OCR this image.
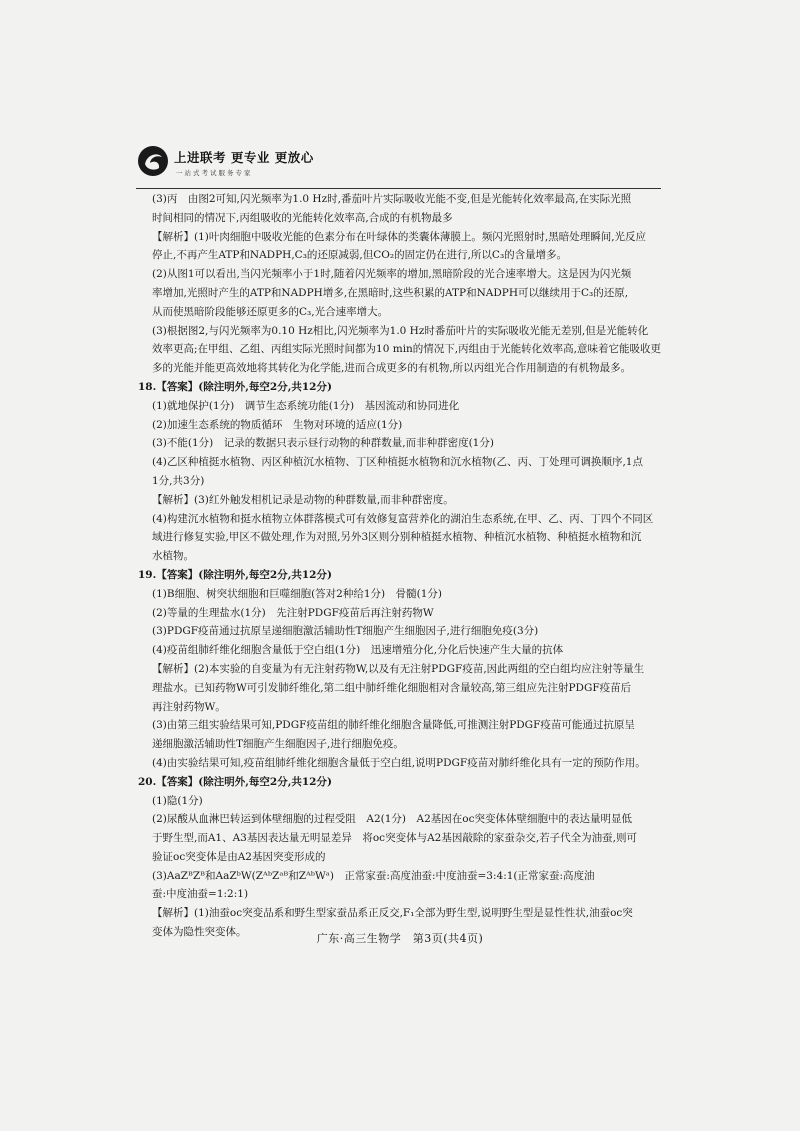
上进联考 更专业 更放心
一站式考试服务专家
(3)丙　由图2可知,闪光频率为1.0 Hz时,番茄叶片实际吸收光能不变,但是光能转化效率最高,在实际光照
时间相同的情况下,丙组吸收的光能转化效率高,合成的有机物最多
【解析】(1)叶肉细胞中吸收光能的色素分布在叶绿体的类囊体薄膜上。频闪光照射时,黑暗处理瞬间,光反应
停止,不再产生ATP和NADPH,C₃的还原减弱,但CO₂的固定仍在进行,所以C₃的含量增多。
(2)从图1可以看出,当闪光频率小于1时,随着闪光频率的增加,黑暗阶段的光合速率增大。这是因为闪光频
率增加,光照时产生的ATP和NADPH增多,在黑暗时,这些积累的ATP和NADPH可以继续用于C₃的还原,
从而使黑暗阶段能够还原更多的C₃,光合速率增大。
(3)根据图2,与闪光频率为0.10 Hz相比,闪光频率为1.0 Hz时番茄叶片的实际吸收光能无差别,但是光能转化
效率更高;在甲组、乙组、丙组实际光照时间都为10 min的情况下,丙组由于光能转化效率高,意味着它能吸收更
多的光能并能更高效地将其转化为化学能,进而合成更多的有机物,所以丙组光合作用制造的有机物最多。
18.【答案】(除注明外,每空2分,共12分)
(1)就地保护(1分)　调节生态系统功能(1分)　基因流动和协同进化
(2)加速生态系统的物质循环　生物对环境的适应(1分)
(3)不能(1分)　记录的数据只表示昼行动物的种群数量,而非种群密度(1分)
(4)乙区种植挺水植物、丙区种植沉水植物、丁区种植挺水植物和沉水植物(乙、丙、丁处理可调换顺序,1点
1分,共3分)
【解析】(3)红外触发相机记录是动物的种群数量,而非种群密度。
(4)构建沉水植物和挺水植物立体群落模式可有效修复富营养化的湖泊生态系统,在甲、乙、丙、丁四个不同区
域进行修复实验,甲区不做处理,作为对照,另外3区则分别种植挺水植物、种植沉水植物、种植挺水植物和沉
水植物。
19.【答案】(除注明外,每空2分,共12分)
(1)B细胞、树突状细胞和巨噬细胞(答对2种给1分)　骨髓(1分)
(2)等量的生理盐水(1分)　先注射PDGF疫苗后再注射药物W
(3)PDGF疫苗通过抗原呈递细胞激活辅助性T细胞产生细胞因子,进行细胞免疫(3分)
(4)疫苗组肺纤维化细胞含量低于空白组(1分)　迅速增殖分化,分化后快速产生大量的抗体
【解析】(2)本实验的自变量为有无注射药物W,以及有无注射PDGF疫苗,因此两组的空白组均应注射等量生
理盐水。已知药物W可引发肺纤维化,第二组中肺纤维化细胞相对含量较高,第三组应先注射PDGF疫苗后
再注射药物W。
(3)由第三组实验结果可知,PDGF疫苗组的肺纤维化细胞含量降低,可推测注射PDGF疫苗可能通过抗原呈
递细胞激活辅助性T细胞产生细胞因子,进行细胞免疫。
(4)由实验结果可知,疫苗组肺纤维化细胞含量低于空白组,说明PDGF疫苗对肺纤维化具有一定的预防作用。
20.【答案】(除注明外,每空2分,共12分)
(1)隐(1分)
(2)尿酸从血淋巴转运到体壁细胞的过程受阻　A2(1分)　A2基因在oc突变体体壁细胞中的表达量明显低
于野生型,而A1、A3基因表达量无明显差异　将oc突变体与A2基因敲除的家蚕杂交,若子代全为油蚕,则可
验证oc突变体是由A2基因突变形成的
(3)AaZᴮZᴮ和AaZᵇW(ZᴬᵇZᵃᴮ和ZᴬᵇWᵃ)　正常家蚕:高度油蚕:中度油蚕=3:4:1(正常家蚕:高度油
蚕:中度油蚕=1:2:1)
【解析】(1)油蚕oc突变品系和野生型家蚕品系正反交,F₁全部为野生型,说明野生型是显性性状,油蚕oc突
变体为隐性突变体。	广东·高三生物学　第3页(共4页)
